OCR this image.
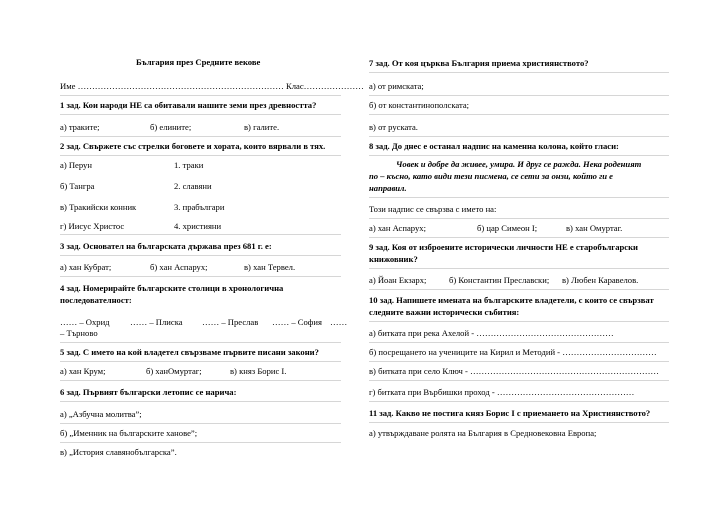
България през Средните векове
Име ……………………………………………………………… Клас…………………
1 зад. Кои народи НЕ са обитавали нашите земи през древността?
а) траките;	б) елините;	в) галите.
2 зад. Свържете със стрелки боговете и хората, които вярвали в тях.
а) Перун	1. траки
б) Тангра	2. славяни
в) Тракийски конник	3. прабългари
г) Иисус Христос	4. християни
3 зад. Основател на българската държава през 681 г. е:
а) хан Кубрат;	б) хан Аспарух;	в) хан Тервел.
4 зад. Номерирайте българските столици в хронологична
последователност:
…… – Охрид …… – Плиска …… – Преслав …… – София ……
– Търново
5 зад. С името на кой владетел свързваме първите писани закони?
а) хан Крум;	б) ханОмуртаг;	в) княз Борис I.
6 зад. Първият български летопис се нарича:
а) „Азбучна молитва”;
б) „Именник на българските ханове”;
в) „История славянобългарска”.
7 зад. От коя църква България приема християнството?
а) от римската;
б) от константинополската;
в) от руската.
8 зад. До днес е останал надпис на каменна колона, който гласи:
Човек и добре да живее, умира. И друг се ражда. Нека роденият
по – късно, като види тези писмена, се сети за онзи, който ги е
направил.
Този надпис се свързва с името на:
а) хан Аспарух;	б) цар Симеон I;	в) хан Омуртаг.
9 зад. Коя от изброените исторически личности НЕ е старобългарски
книжовник?
а) Йоан Екзарх;	б) Константин Преславски; в) Любен Каравелов.
10 зад. Напишете имената на българските владетели, с които се свързват
следните важни исторически събития:
а) битката при река Ахелой - …………………………………………
б) посрещането на учениците на Кирил и Методий - ……………………………
в) битката при село Ключ - …………………………………………………………
г) битката при Върбишки проход - …………………………………………
11 зад. Какво не постига княз Борис I с приемането на Християнството?
а) утвърждаване ролята на България в Средновековна Европа;
